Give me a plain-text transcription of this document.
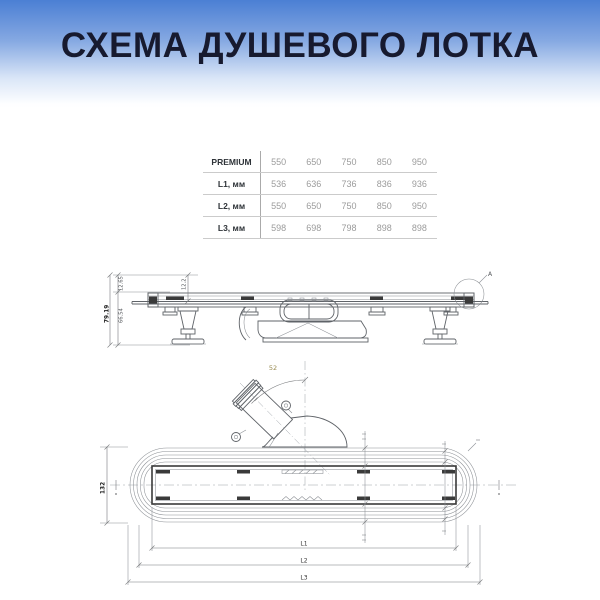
СХЕМА ДУШЕВОГО ЛОТКА
PREMIUM	550	650	750	850	950
L1, мм	536	636	736	836	936
L2, мм	550	650	750	850	950
L3, мм	598	698	798	898	898
12.65
79.19 66.54
12.2
A
52
132
L1
L2
L3
